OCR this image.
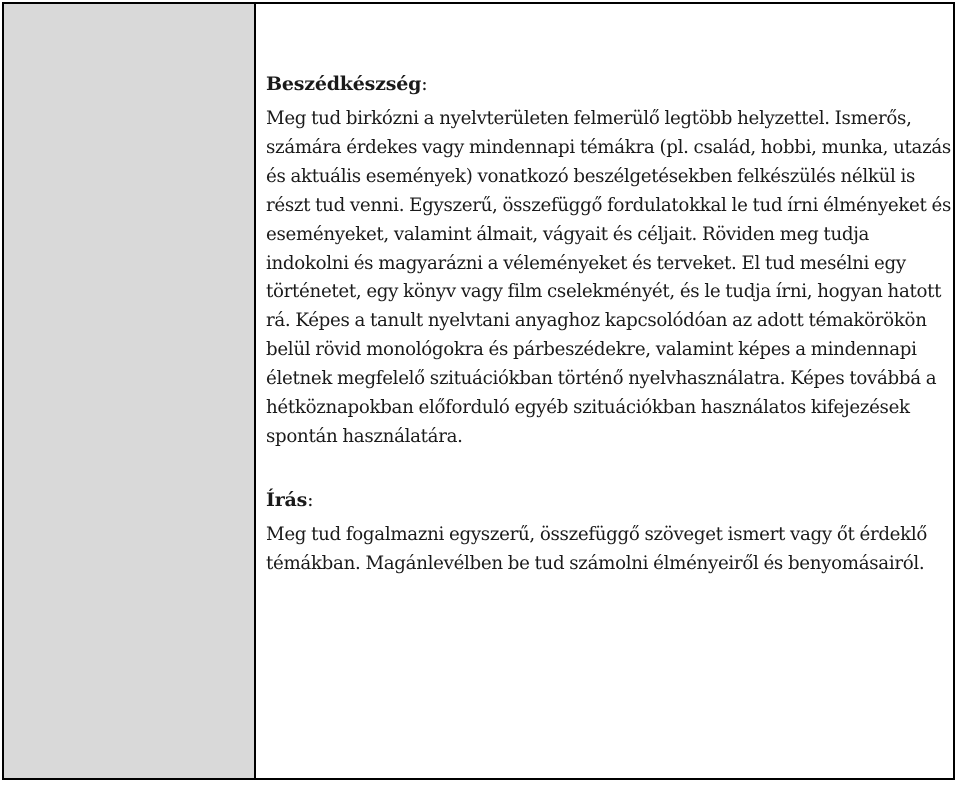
Beszédkészség:

Meg tud birkózni a nyelvterületen felmerülő legtöbb helyzettel. Ismerős, számára érdekes vagy mindennapi témákra (pl. család, hobbi, munka, utazás és aktuális események) vonatkozó beszélgetésekben felkészülés nélkül is részt tud venni. Egyszerű, összefüggő fordulatokkal le tud írni élményeket és eseményeket, valamint álmait, vágyait és céljait. Röviden meg tudja indokolni és magyarázni a véleményeket és terveket. El tud mesélni egy történetet, egy könyv vagy film cselekményét, és le tudja írni, hogyan hatott rá. Képes a tanult nyelvtani anyaghoz kapcsolódóan az adott témakörökön belül rövid monológokra és párbeszédekre, valamint képes a mindennapi életnek megfelelő szituációkban történő nyelvhasználatra. Képes továbbá a hétköznapokban előforduló egyéb szituációkban használatos kifejezések spontán használatára.

Írás:

Meg tud fogalmazni egyszerű, összefüggő szöveget ismert vagy őt érdeklő témákban. Magánlevélben be tud számolni élményeiről és benyomásairól.
